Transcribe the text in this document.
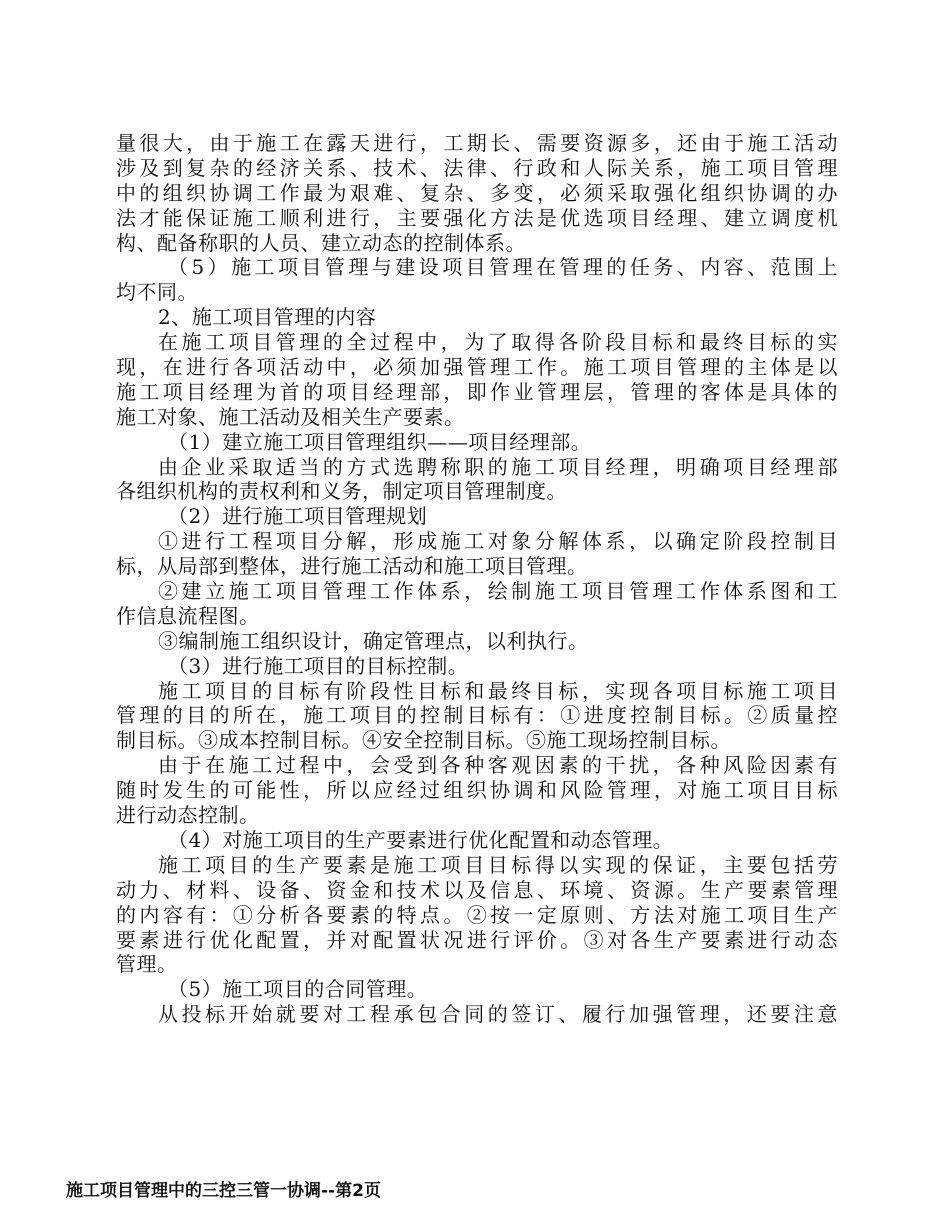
量很大，由于施工在露天进行，工期长、需要资源多，还由于施工活动
涉及到复杂的经济关系、技术、法律、行政和人际关系，施工项目管理
中的组织协调工作最为艰难、复杂、多变，必须采取强化组织协调的办
法才能保证施工顺利进行，主要强化方法是优选项目经理、建立调度机
构、配备称职的人员、建立动态的控制体系。
（5）施工项目管理与建设项目管理在管理的任务、内容、范围上
均不同。
2、施工项目管理的内容
在施工项目管理的全过程中，为了取得各阶段目标和最终目标的实
现，在进行各项活动中，必须加强管理工作。施工项目管理的主体是以
施工项目经理为首的项目经理部，即作业管理层，管理的客体是具体的
施工对象、施工活动及相关生产要素。
（1）建立施工项目管理组织——项目经理部。
由企业采取适当的方式选聘称职的施工项目经理，明确项目经理部
各组织机构的责权利和义务，制定项目管理制度。
（2）进行施工项目管理规划
①进行工程项目分解，形成施工对象分解体系，以确定阶段控制目
标，从局部到整体，进行施工活动和施工项目管理。
②建立施工项目管理工作体系，绘制施工项目管理工作体系图和工
作信息流程图。
③编制施工组织设计，确定管理点，以利执行。
（3）进行施工项目的目标控制。
施工项目的目标有阶段性目标和最终目标，实现各项目标施工项目
管理的目的所在，施工项目的控制目标有：①进度控制目标。②质量控
制目标。③成本控制目标。④安全控制目标。⑤施工现场控制目标。
由于在施工过程中，会受到各种客观因素的干扰，各种风险因素有
随时发生的可能性，所以应经过组织协调和风险管理，对施工项目目标
进行动态控制。
（4）对施工项目的生产要素进行优化配置和动态管理。
施工项目的生产要素是施工项目目标得以实现的保证，主要包括劳
动力、材料、设备、资金和技术以及信息、环境、资源。生产要素管理
的内容有：①分析各要素的特点。②按一定原则、方法对施工项目生产
要素进行优化配置，并对配置状况进行评价。③对各生产要素进行动态
管理。
（5）施工项目的合同管理。
从投标开始就要对工程承包合同的签订、履行加强管理，还要注意
施工项目管理中的三控三管一协调--第2页
